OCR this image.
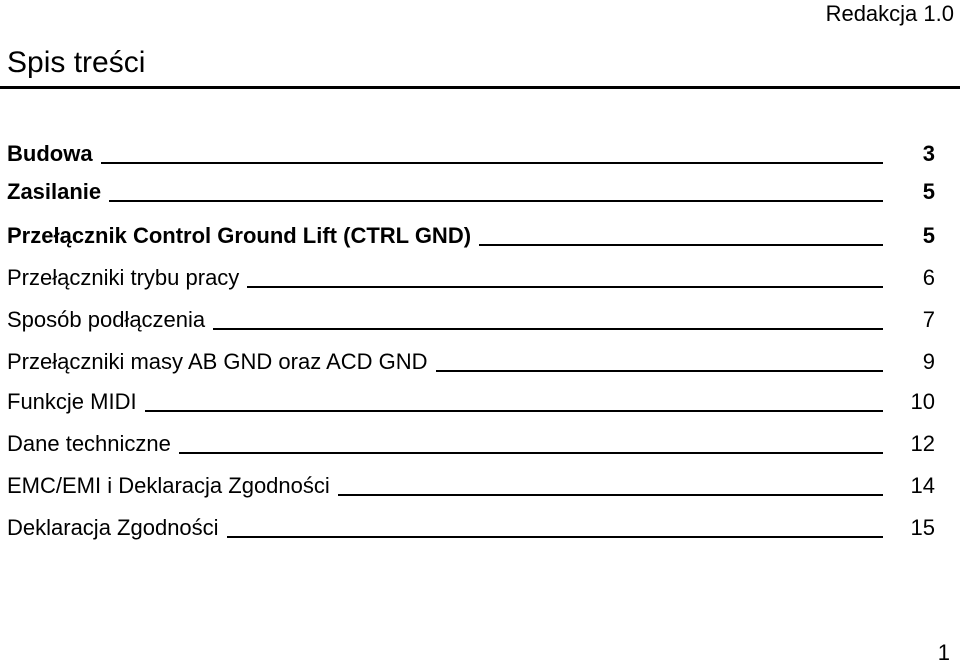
Redakcja 1.0
Spis treści
Budowa	3
Zasilanie	5
Przełącznik Control Ground Lift (CTRL GND)	5
Przełączniki trybu pracy	6
Sposób podłączenia	7
Przełączniki masy AB GND oraz ACD GND	9
Funkcje MIDI	10
Dane techniczne	12
EMC/EMI i Deklaracja Zgodności	14
Deklaracja Zgodności	15
1
